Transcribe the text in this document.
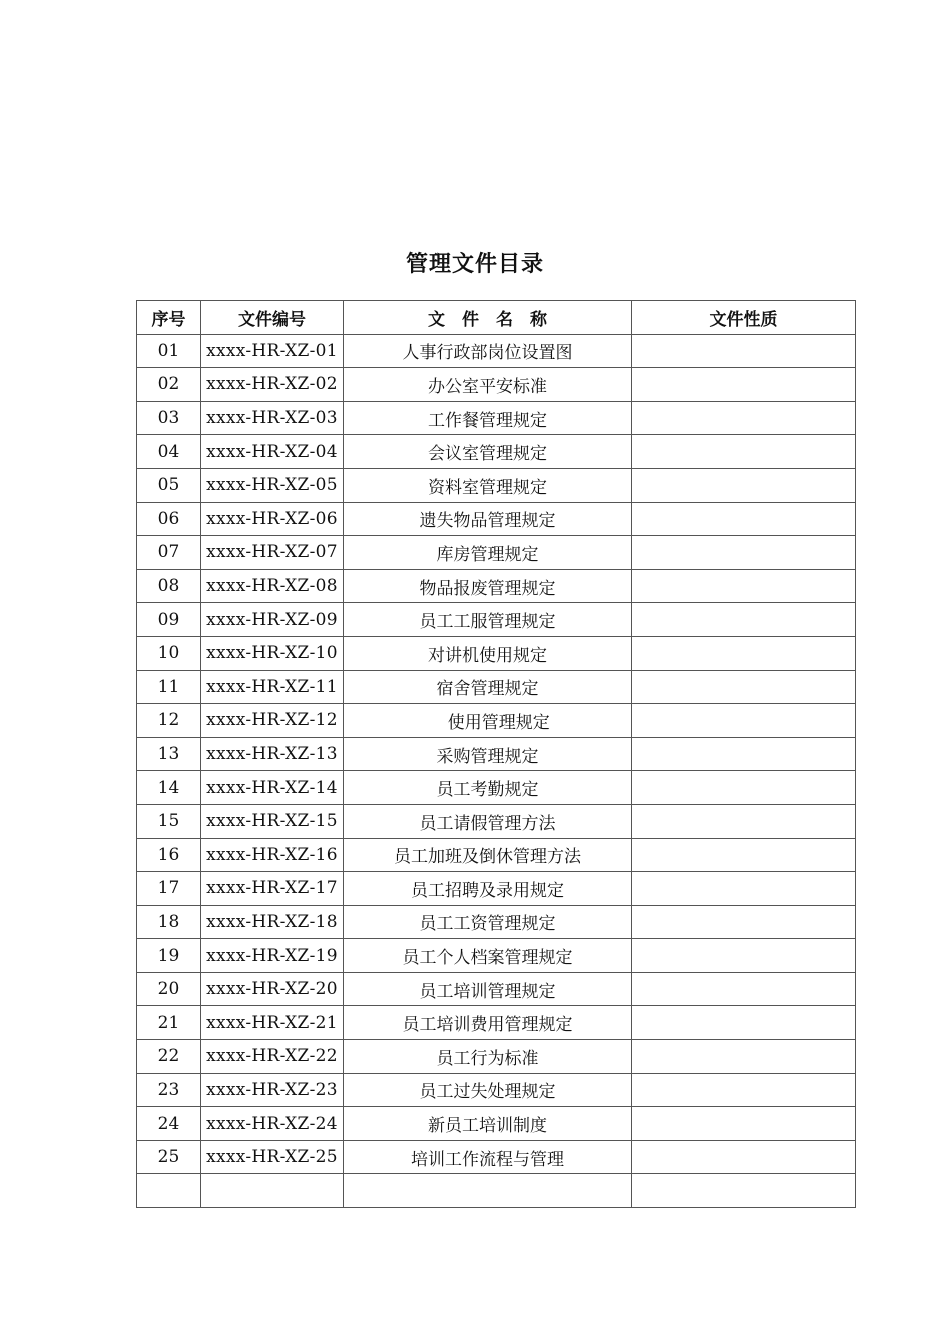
管理文件目录
序号	文件编号	文　件　名　称	文件性质
01	xxxx-HR-XZ-01	人事行政部岗位设置图	
02	xxxx-HR-XZ-02	办公室平安标准	
03	xxxx-HR-XZ-03	工作餐管理规定	
04	xxxx-HR-XZ-04	会议室管理规定	
05	xxxx-HR-XZ-05	资料室管理规定	
06	xxxx-HR-XZ-06	遗失物品管理规定	
07	xxxx-HR-XZ-07	库房管理规定	
08	xxxx-HR-XZ-08	物品报废管理规定	
09	xxxx-HR-XZ-09	员工工服管理规定	
10	xxxx-HR-XZ-10	对讲机使用规定	
11	xxxx-HR-XZ-11	宿舍管理规定	
12	xxxx-HR-XZ-12	　 使用管理规定	
13	xxxx-HR-XZ-13	采购管理规定	
14	xxxx-HR-XZ-14	员工考勤规定	
15	xxxx-HR-XZ-15	员工请假管理方法	
16	xxxx-HR-XZ-16	员工加班及倒休管理方法	
17	xxxx-HR-XZ-17	员工招聘及录用规定	
18	xxxx-HR-XZ-18	员工工资管理规定	
19	xxxx-HR-XZ-19	员工个人档案管理规定	
20	xxxx-HR-XZ-20	员工培训管理规定	
21	xxxx-HR-XZ-21	员工培训费用管理规定	
22	xxxx-HR-XZ-22	员工行为标准	
23	xxxx-HR-XZ-23	员工过失处理规定	
24	xxxx-HR-XZ-24	新员工培训制度	
25	xxxx-HR-XZ-25	培训工作流程与管理	
